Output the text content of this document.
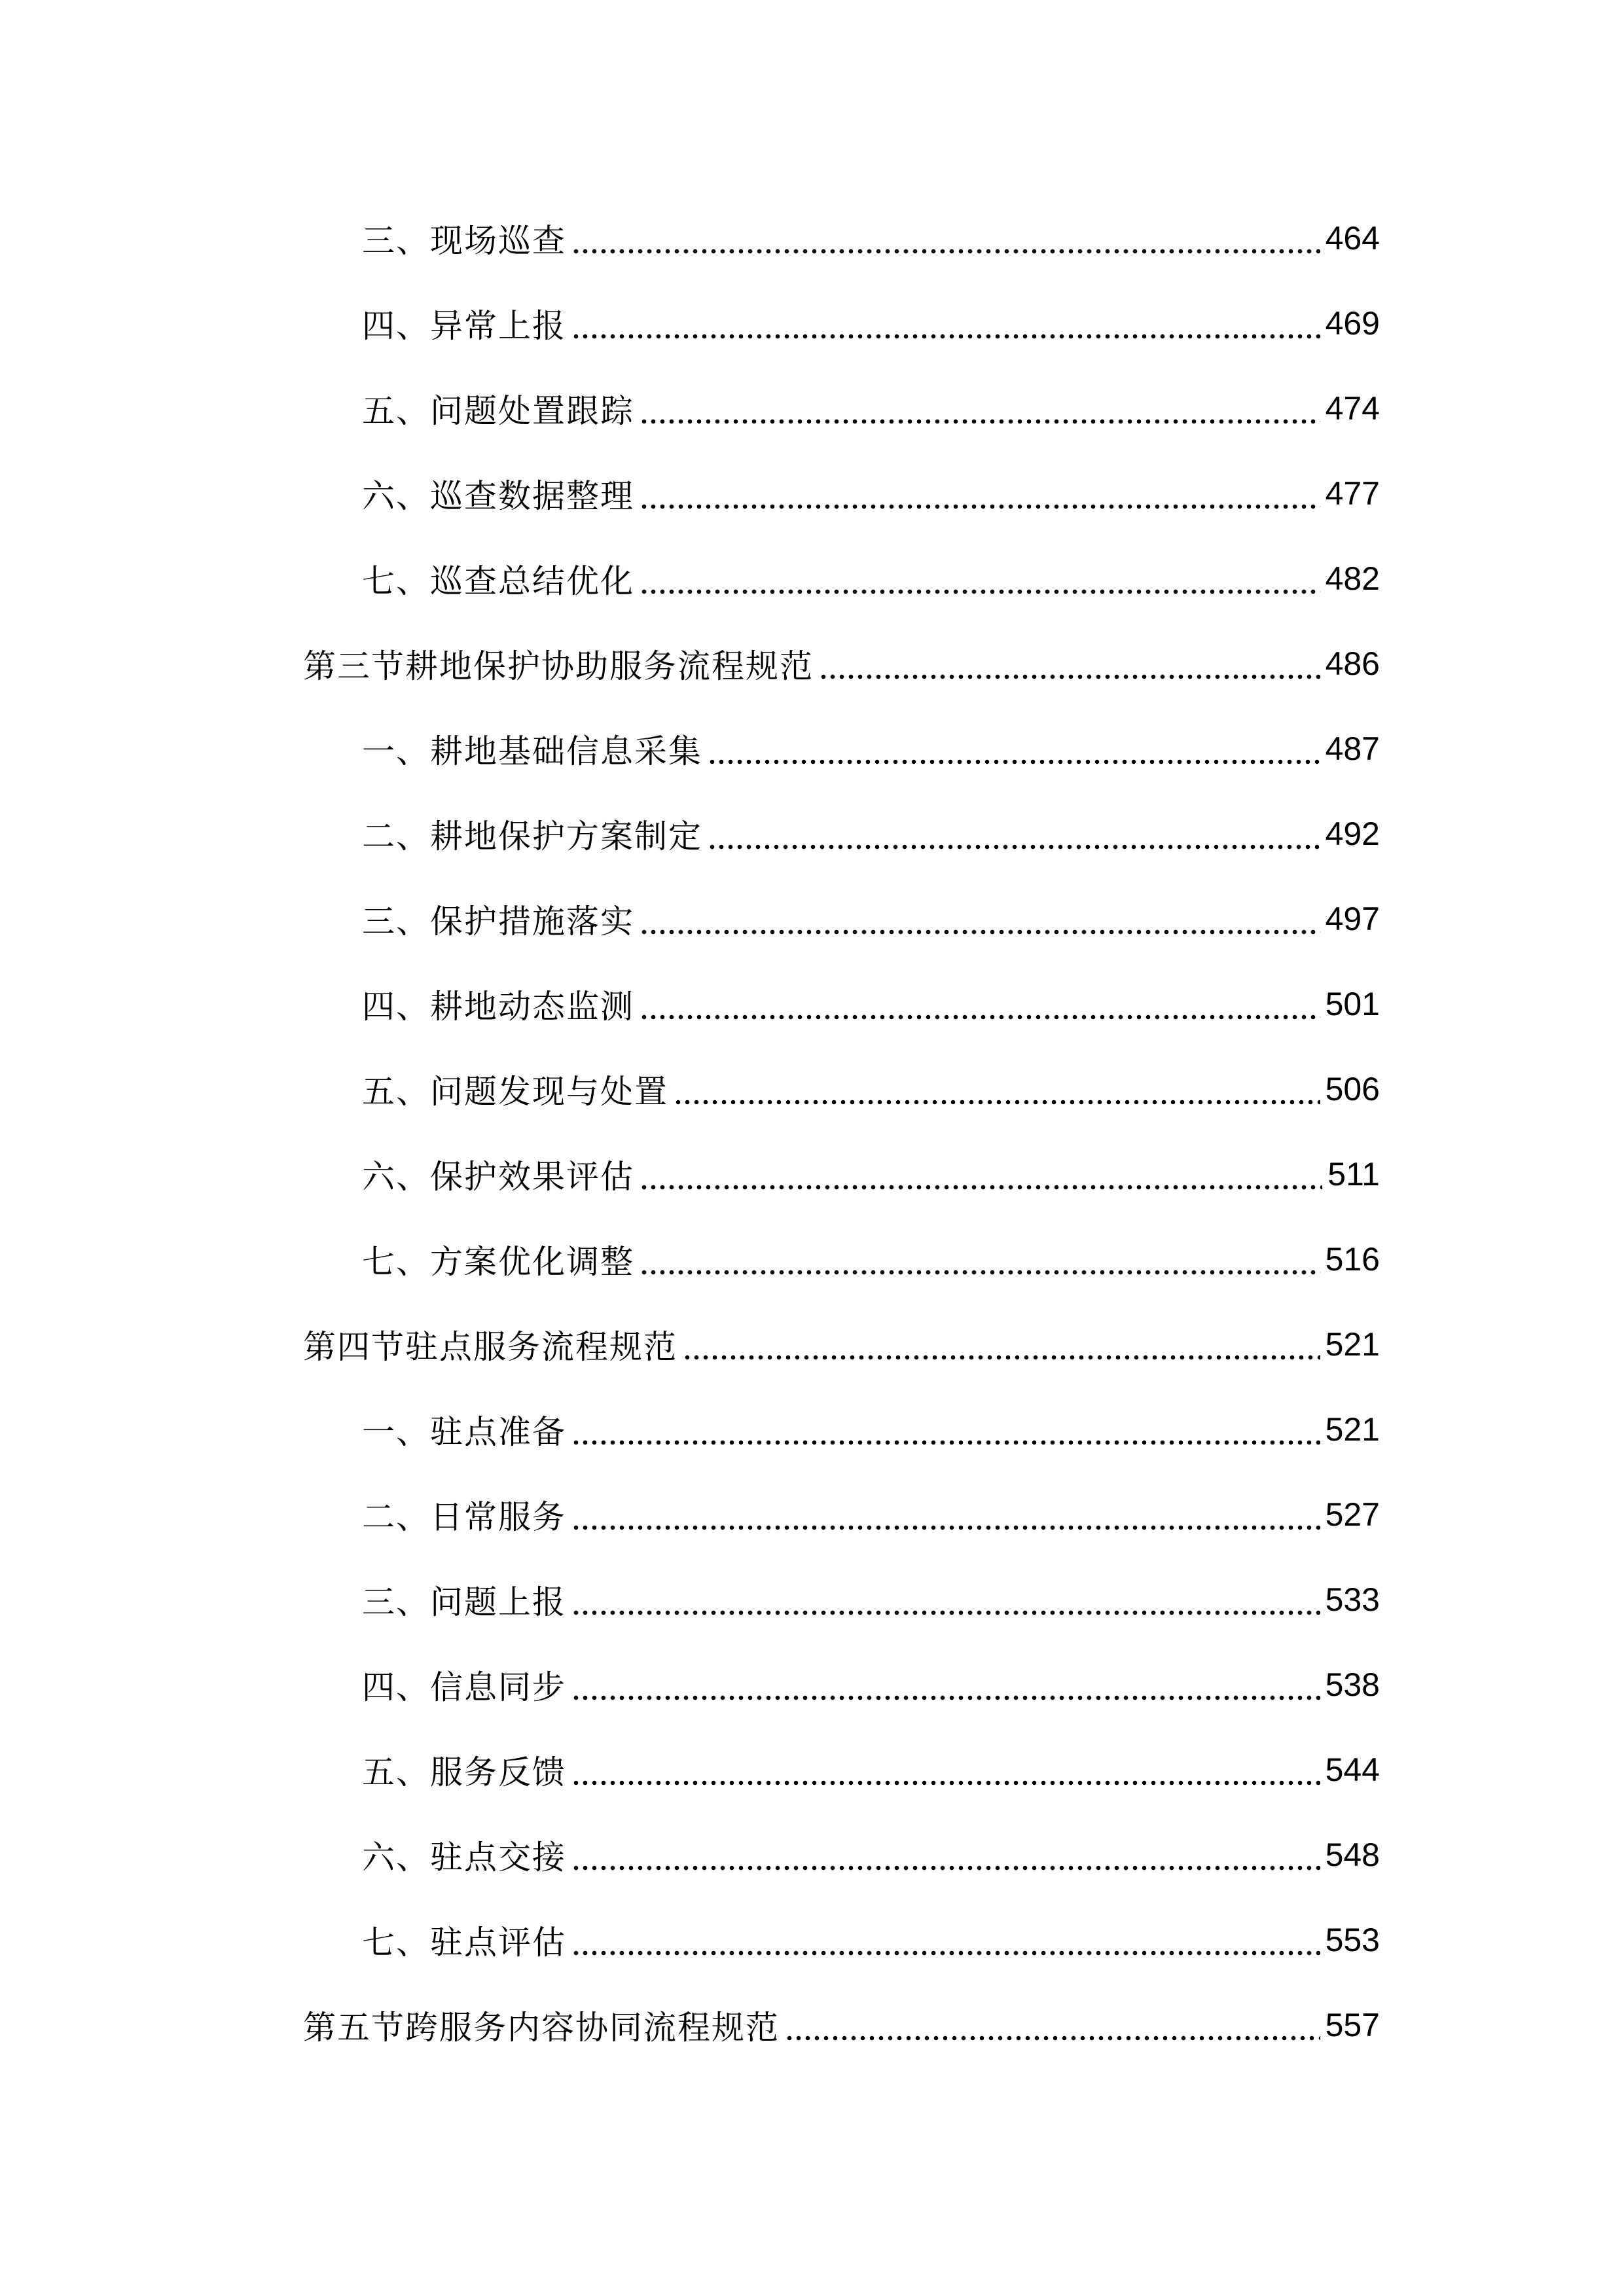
三、现场巡查	464
四、异常上报	469
五、问题处置跟踪	474
六、巡查数据整理	477
七、巡查总结优化	482
第三节耕地保护协助服务流程规范	486
一、耕地基础信息采集	487
二、耕地保护方案制定	492
三、保护措施落实	497
四、耕地动态监测	501
五、问题发现与处置	506
六、保护效果评估	511
七、方案优化调整	516
第四节驻点服务流程规范	521
一、驻点准备	521
二、日常服务	527
三、问题上报	533
四、信息同步	538
五、服务反馈	544
六、驻点交接	548
七、驻点评估	553
第五节跨服务内容协同流程规范	557
